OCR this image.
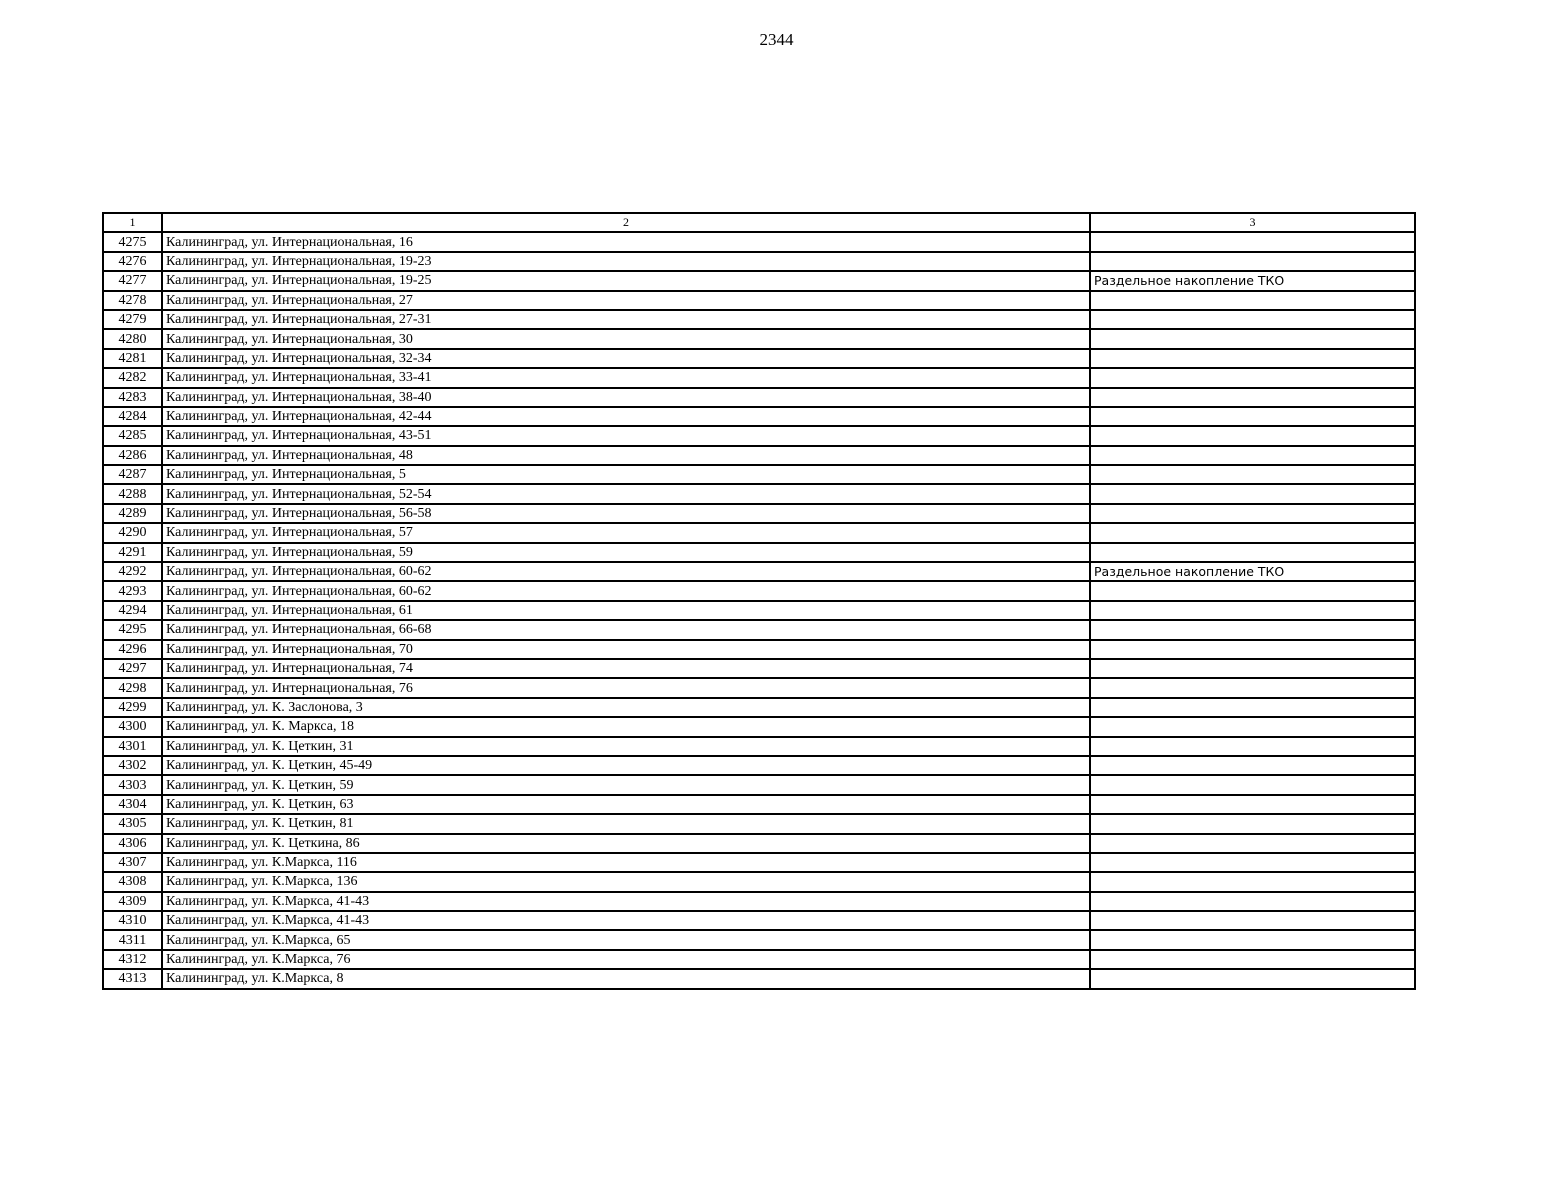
2344
1	2	3
4275	Калининград, ул. Интернациональная, 16	
4276	Калининград, ул. Интернациональная, 19-23	
4277	Калининград, ул. Интернациональная, 19-25	Раздельное накопление ТКО
4278	Калининград, ул. Интернациональная, 27	
4279	Калининград, ул. Интернациональная, 27-31	
4280	Калининград, ул. Интернациональная, 30	
4281	Калининград, ул. Интернациональная, 32-34	
4282	Калининград, ул. Интернациональная, 33-41	
4283	Калининград, ул. Интернациональная, 38-40	
4284	Калининград, ул. Интернациональная, 42-44	
4285	Калининград, ул. Интернациональная, 43-51	
4286	Калининград, ул. Интернациональная, 48	
4287	Калининград, ул. Интернациональная, 5	
4288	Калининград, ул. Интернациональная, 52-54	
4289	Калининград, ул. Интернациональная, 56-58	
4290	Калининград, ул. Интернациональная, 57	
4291	Калининград, ул. Интернациональная, 59	
4292	Калининград, ул. Интернациональная, 60-62	Раздельное накопление ТКО
4293	Калининград, ул. Интернациональная, 60-62	
4294	Калининград, ул. Интернациональная, 61	
4295	Калининград, ул. Интернациональная, 66-68	
4296	Калининград, ул. Интернациональная, 70	
4297	Калининград, ул. Интернациональная, 74	
4298	Калининград, ул. Интернациональная, 76	
4299	Калининград, ул. К. Заслонова, 3	
4300	Калининград, ул. К. Маркса, 18	
4301	Калининград, ул. К. Цеткин, 31	
4302	Калининград, ул. К. Цеткин, 45-49	
4303	Калининград, ул. К. Цеткин, 59	
4304	Калининград, ул. К. Цеткин, 63	
4305	Калининград, ул. К. Цеткин, 81	
4306	Калининград, ул. К. Цеткина, 86	
4307	Калининград, ул. К.Маркса, 116	
4308	Калининград, ул. К.Маркса, 136	
4309	Калининград, ул. К.Маркса, 41-43	
4310	Калининград, ул. К.Маркса, 41-43	
4311	Калининград, ул. К.Маркса, 65	
4312	Калининград, ул. К.Маркса, 76	
4313	Калининград, ул. К.Маркса, 8	
